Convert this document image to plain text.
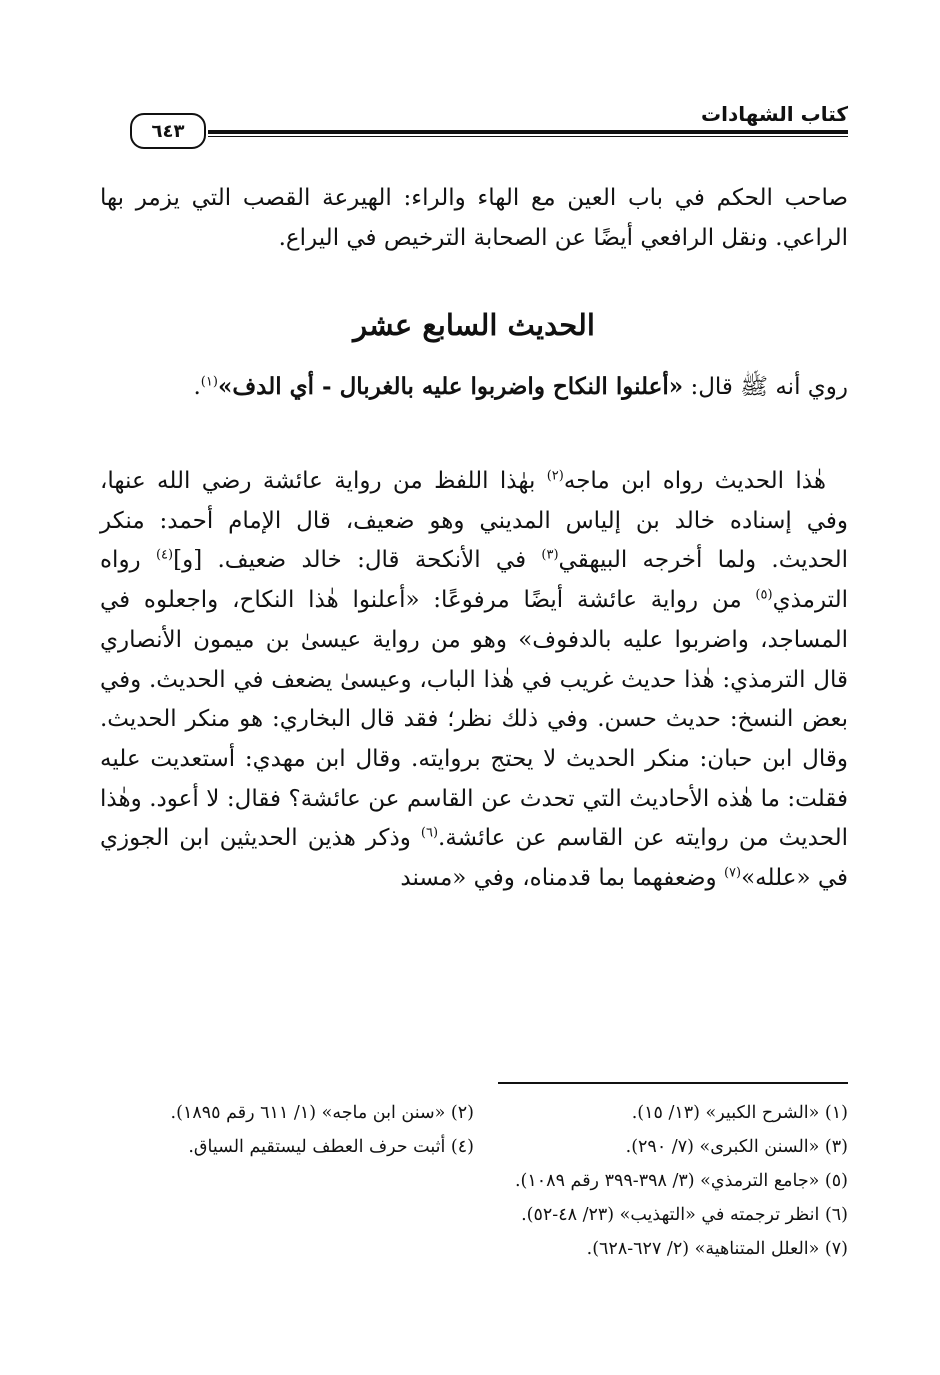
كتاب الشهادات
٦٤٣

صاحب الحكم في باب العين مع الهاء والراء: الهيرعة القصب التي يزمر بها الراعي. ونقل الرافعي أيضًا عن الصحابة الترخيص في اليراع.

الحديث السابع عشر
روي أنه ﷺ قال: «أعلنوا النكاح واضربوا عليه بالغربال - أي الدف»$^{(١)}$.
هٰذا الحديث رواه ابن ماجه$^{(٢)}$ بهٰذا اللفظ من رواية عائشة رضي الله عنها، وفي إسناده خالد بن إلياس المديني وهو ضعيف، قال الإمام أحمد: منكر الحديث. ولما أخرجه البيهقي$^{(٣)}$ في الأنكحة قال: خالد ضعيف. [و]$^{(٤)}$ رواه الترمذي$^{(٥)}$ من رواية عائشة أيضًا مرفوعًا: «أعلنوا هٰذا النكاح، واجعلوه في المساجد، واضربوا عليه بالدفوف» وهو من رواية عيسىٰ بن ميمون الأنصاري قال الترمذي: هٰذا حديث غريب في هٰذا الباب، وعيسىٰ يضعف في الحديث. وفي بعض النسخ: حديث حسن. وفي ذلك نظر؛ فقد قال البخاري: هو منكر الحديث. وقال ابن حبان: منكر الحديث لا يحتج بروايته. وقال ابن مهدي: أستعديت عليه فقلت: ما هٰذه الأحاديث التي تحدث عن القاسم عن عائشة؟ فقال: لا أعود. وهٰذا الحديث من روايته عن القاسم عن عائشة.$^{(٦)}$ وذكر هذين الحديثين ابن الجوزي في «علله»$^{(٧)}$ وضعفهما بما قدمناه، وفي «مسند
(١) «الشرح الكبير» (١٣/ ١٥).
(٢) «سنن ابن ماجه» (١/ ٦١١ رقم ١٨٩٥).
(٣) «السنن الكبرى» (٧/ ٢٩٠).
(٤) أثبت حرف العطف ليستقيم السياق.
(٥) «جامع الترمذي» (٣/ ٣٩٨-٣٩٩ رقم ١٠٨٩).
(٦) انظر ترجمته في «التهذيب» (٢٣/ ٤٨-٥٢).
(٧) «العلل المتناهية» (٢/ ٦٢٧-٦٢٨).
